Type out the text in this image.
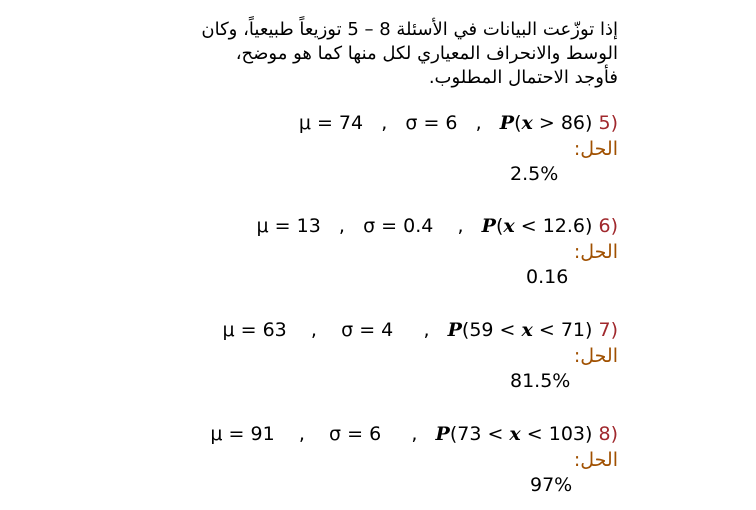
إذا توزّعت البيانات في الأسئلة 8 – 5 توزيعاً طبيعياً، وكان
الوسط والانحراف المعياري لكل منها كما هو موضح،
فأوجد الاحتمال المطلوب.
μ = 74   ,   σ = 6   ,   P(x > 86) 5)
الحل:
2.5%
μ = 13   ,   σ = 0.4    ,   P(x < 12.6) 6)
الحل:
0.16
μ = 63    ,    σ = 4     ,   P(59 < x < 71) 7)
الحل:
81.5%
μ = 91    ,    σ = 6     ,   P(73 < x < 103) 8)
الحل:
97%
